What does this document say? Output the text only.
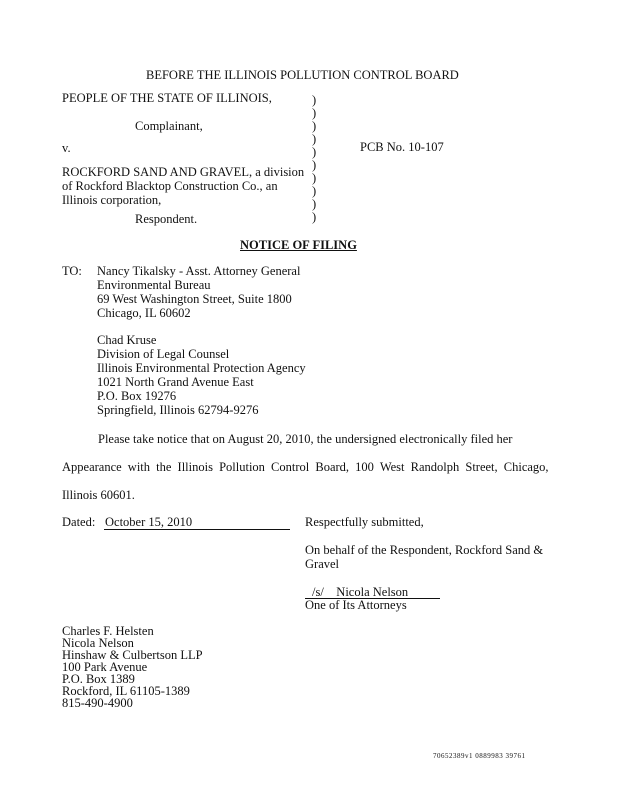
BEFORE THE ILLINOIS POLLUTION CONTROL BOARD
PEOPLE OF THE STATE OF ILLINOIS,
Complainant,
v.
ROCKFORD SAND AND GRAVEL, a division
of Rockford Blacktop Construction Co., an
Illinois corporation,
Respondent.
)
)
)
)
)
)
)
)
)
)
PCB No. 10-107
NOTICE OF FILING
TO: Nancy Tikalsky - Asst. Attorney General
Environmental Bureau
69 West Washington Street, Suite 1800
Chicago, IL 60602
Chad Kruse
Division of Legal Counsel
Illinois Environmental Protection Agency
1021 North Grand Avenue East
P.O. Box 19276
Springfield, Illinois 62794-9276
Please take notice that on August 20, 2010, the undersigned electronically filed her
Appearance with the Illinois Pollution Control Board, 100 West Randolph Street, Chicago,
Illinois 60601.
Dated: October 15, 2010	Respectfully submitted,
On behalf of the Respondent, Rockford Sand &
Gravel
/s/    Nicola Nelson
One of Its Attorneys
Charles F. Helsten
Nicola Nelson
Hinshaw & Culbertson LLP
100 Park Avenue
P.O. Box 1389
Rockford, IL 61105-1389
815-490-4900
70652389v1 0889983 39761
